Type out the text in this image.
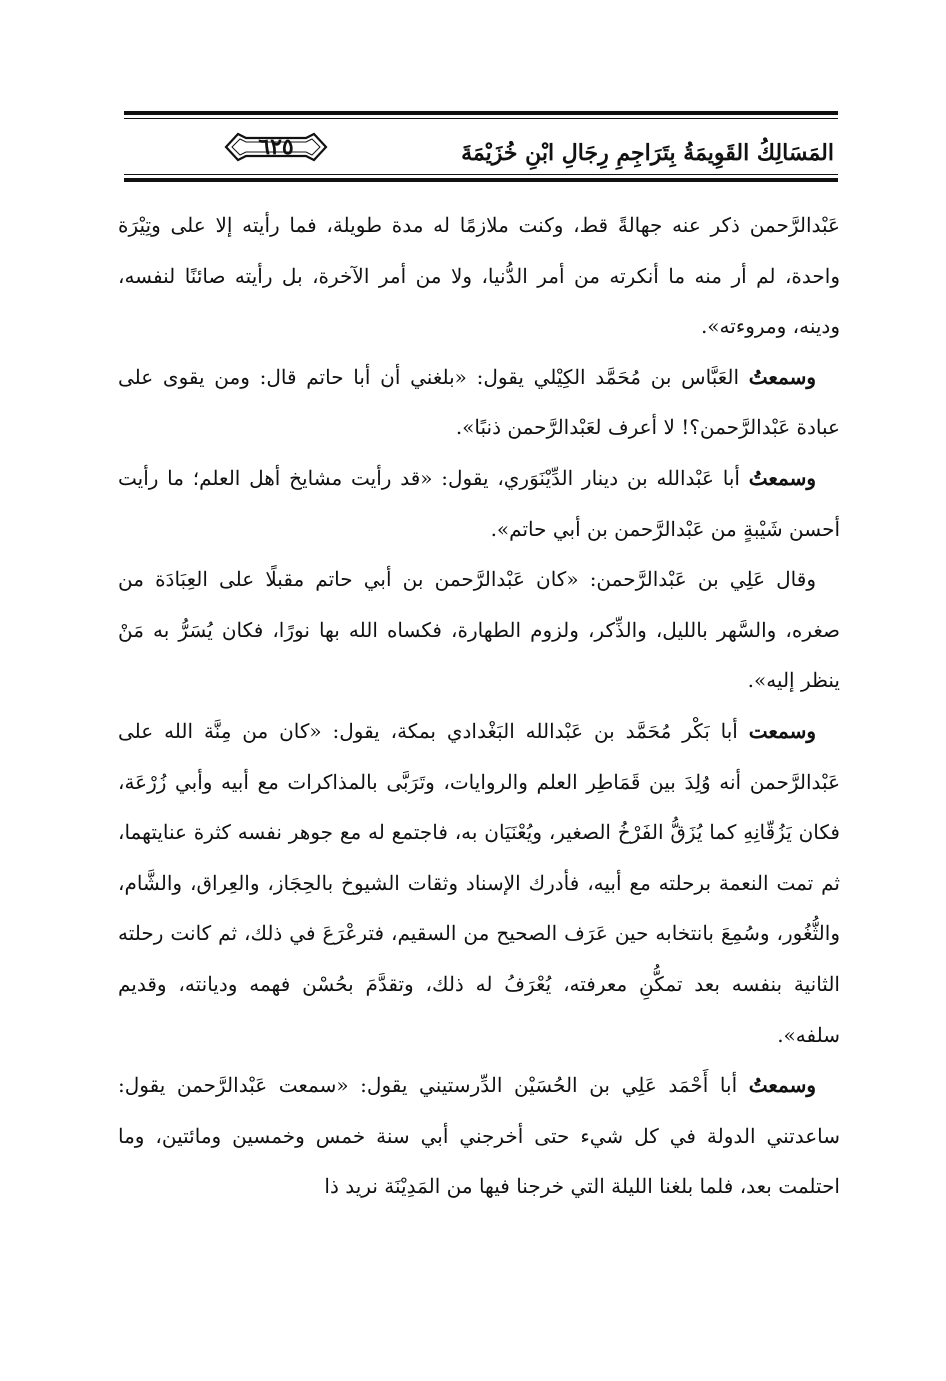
المَسَالِكُ القَوِيمَةُ بِتَرَاجِمِ رِجَالِ ابْنِ خُزَيْمَةَ
٦٢٥

عَبْدالرَّحمن ذكر عنه جهالةً قط، وكنت ملازمًا له مدة طويلة، فما رأيته إلا على وتِيْرَة واحدة، لم أر منه ما أنكرته من أمر الدُّنيا، ولا من أمر الآخرة، بل رأيته صائنًا لنفسه، ودينه، ومروءته».

وسمعتُ العَبَّاس بن مُحَمَّد الكِيْلي يقول: «بلغني أن أبا حاتم قال: ومن يقوى على عبادة عَبْدالرَّحمن؟! لا أعرف لعَبْدالرَّحمن ذنبًا».

وسمعتُ أبا عَبْدالله بن دينار الدِّيْنَوَري، يقول: «قد رأيت مشايخ أهل العلم؛ ما رأيت أحسن شَيْبةٍ من عَبْدالرَّحمن بن أبي حاتم».

وقال عَلِي بن عَبْدالرَّحمن: «كان عَبْدالرَّحمن بن أبي حاتم مقبلًا على العِبَادَة من صغره، والسَّهر بالليل، والذِّكر، ولزوم الطهارة، فكساه الله بها نورًا، فكان يُسَرُّ به مَنْ ينظر إليه».

وسمعت أبا بَكْر مُحَمَّد بن عَبْدالله البَغْدادي بمكة، يقول: «كان من مِنَّة الله على عَبْدالرَّحمن أنه وُلِدَ بين قَمَاطِر العلم والروايات، وتَرَبَّى بالمذاكرات مع أبيه وأبي زُرْعَة، فكان يَزُقّانِهِ كما يُزَقُّ الفَرْخُ الصغير، ويُعْنَيَان به، فاجتمع له مع جوهر نفسه كثرة عنايتهما، ثم تمت النعمة برحلته مع أبيه، فأدرك الإسناد وثقات الشيوخ بالحِجَاز، والعِراق، والشَّام، والثُّغُور، وسُمِعَ بانتخابه حين عَرَف الصحيح من السقيم، فترعْرَعَ في ذلك، ثم كانت رحلته الثانية بنفسه بعد تمكُّنِ معرفته، يُعْرَفُ له ذلك، وتقدَّمَ بحُسْن فهمه وديانته، وقديم سلفه».

وسمعتُ أبا أَحْمَد عَلِي بن الحُسَيْن الدِّرستيني يقول: «سمعت عَبْدالرَّحمن يقول: ساعدتني الدولة في كل شيء حتى أخرجني أبي سنة خمس وخمسين ومائتين، وما احتلمت بعد، فلما بلغنا الليلة التي خرجنا فيها من المَدِيْنَة نريد ذا
